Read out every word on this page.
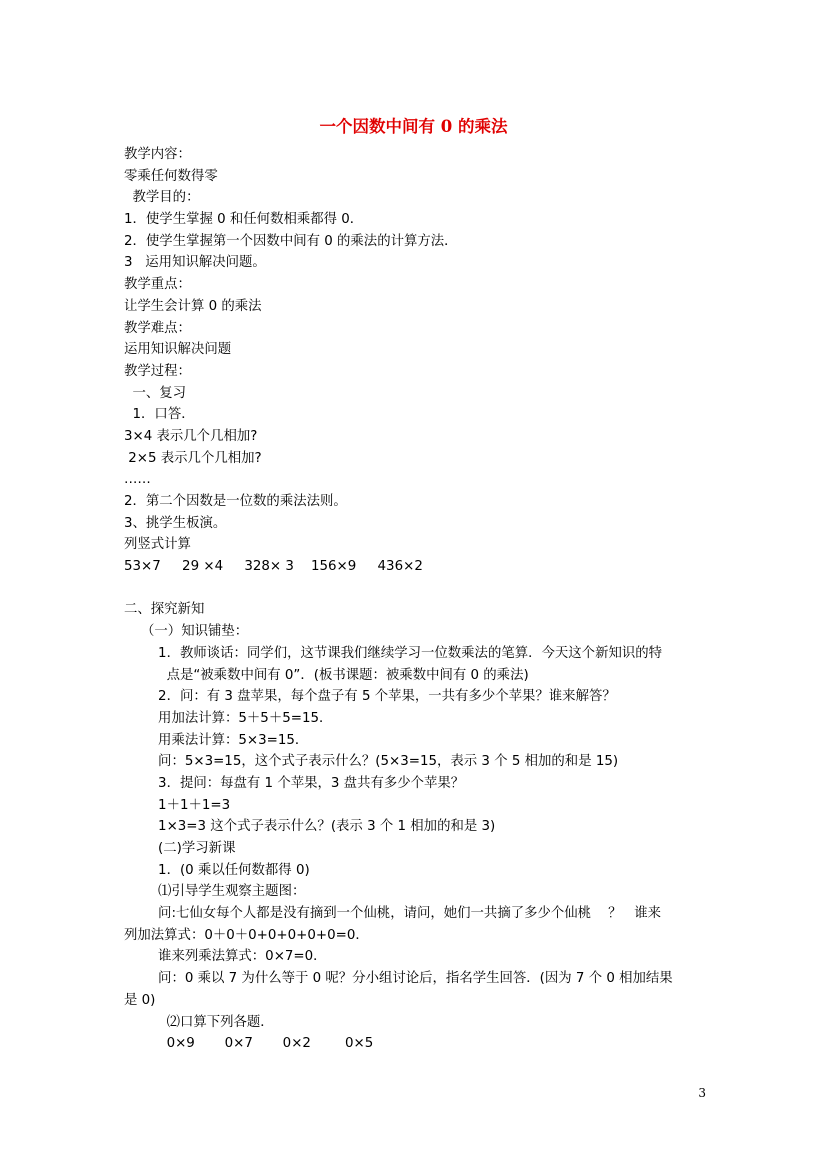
一个因数中间有 0 的乘法
教学内容：
零乘任何数得零
教学目的：
1．使学生掌握 0 和任何数相乘都得 0．
2．使学生掌握第一个因数中间有 0 的乘法的计算方法．
3   运用知识解决问题。
教学重点：
让学生会计算 0 的乘法
教学难点：
运用知识解决问题
教学过程：
一、复习
1．口答．
3×4 表示几个几相加?
2×5 表示几个几相加?
……
2．第二个因数是一位数的乘法法则。
3、挑学生板演。
列竖式计算
53×7     29 ×4     328× 3    156×9     436×2
二、探究新知
（一）知识铺垫：
1．教师谈话：同学们，这节课我们继续学习一位数乘法的笔算．今天这个新知识的特
点是“被乘数中间有 0”．(板书课题：被乘数中间有 0 的乘法)
2．问：有 3 盘苹果，每个盘子有 5 个苹果，一共有多少个苹果？谁来解答？
用加法计算：5＋5＋5=15．
用乘法计算：5×3=15．
问：5×3=15，这个式子表示什么？(5×3=15，表示 3 个 5 相加的和是 15)
3．提问：每盘有 1 个苹果，3 盘共有多少个苹果？
1＋1＋1=3
1×3=3 这个式子表示什么？(表示 3 个 1 相加的和是 3)
(二)学习新课
1．(0 乘以任何数都得 0)
⑴引导学生观察主题图：
问:七仙女每个人都是没有摘到一个仙桃，请问，她们一共摘了多少个仙桃    ？   谁来
列加法算式：0＋0＋0+0+0+0+0=0．
谁来列乘法算式：0×7=0．
问：0 乘以 7 为什么等于 0 呢？分小组讨论后，指名学生回答．(因为 7 个 0 相加结果
是 0)
⑵口算下列各题．
0×9       0×7       0×2        0×5
3
